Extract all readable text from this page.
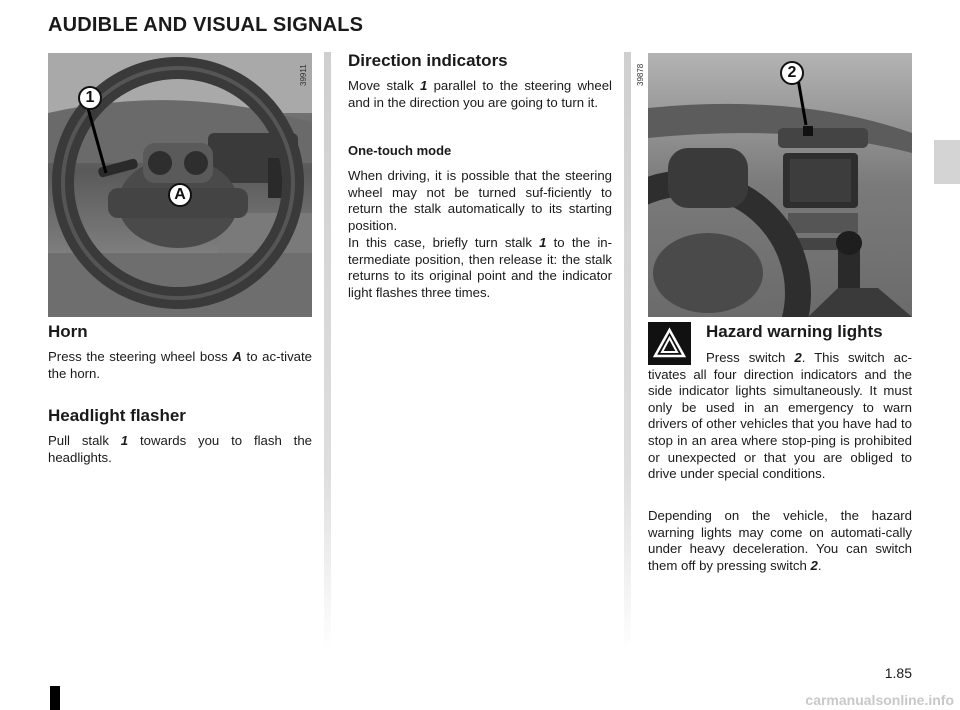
AUDIBLE AND VISUAL SIGNALS
1
A
39911	2
39878
Horn

Press the steering wheel boss A to ac-tivate the horn.

Headlight flasher

Pull stalk 1 towards you to flash the headlights.

Direction indicators

Move stalk 1 parallel to the steering wheel and in the direction you are going to turn it.

One-touch mode

When driving, it is possible that the steering wheel may not be turned suf-ficiently to return the stalk automatically to its starting position.

In this case, briefly turn stalk 1 to the in-termediate position, then release it: the stalk returns to its original point and the indicator light flashes three times.

Hazard warning lights

Press switch 2. This switch ac-tivates all four direction indicators and the side indicator lights simultaneously. It must only be used in an emergency to warn drivers of other vehicles that you have had to stop in an area where stop-ping is prohibited or unexpected or that you are obliged to drive under special conditions.

Depending on the vehicle, the hazard warning lights may come on automati-cally under heavy deceleration. You can switch them off by pressing switch 2.

1.85
carmanualsonline.info
